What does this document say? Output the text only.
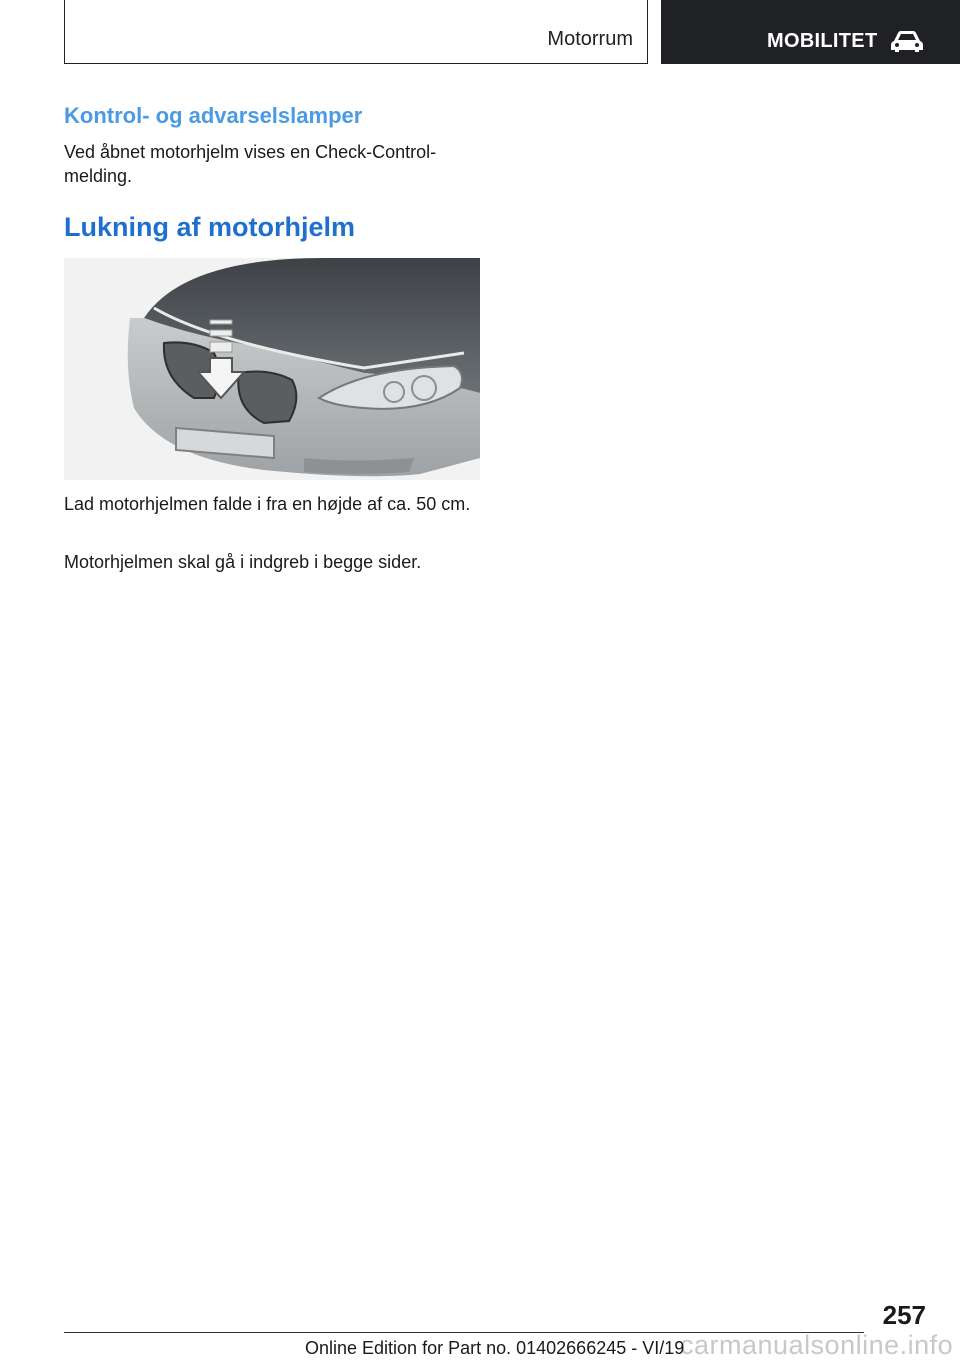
Motorrum	MOBILITET
Kontrol- og advarselslamper

Ved åbnet motorhjelm vises en Check-Control-melding.

Lukning af motorhjelm

Lad motorhjelmen falde i fra en højde af ca. 50 cm.

Motorhjelmen skal gå i indgreb i begge sider.

257
carmanualsonline.info
Online Edition for Part no. 01402666245 - VI/19
